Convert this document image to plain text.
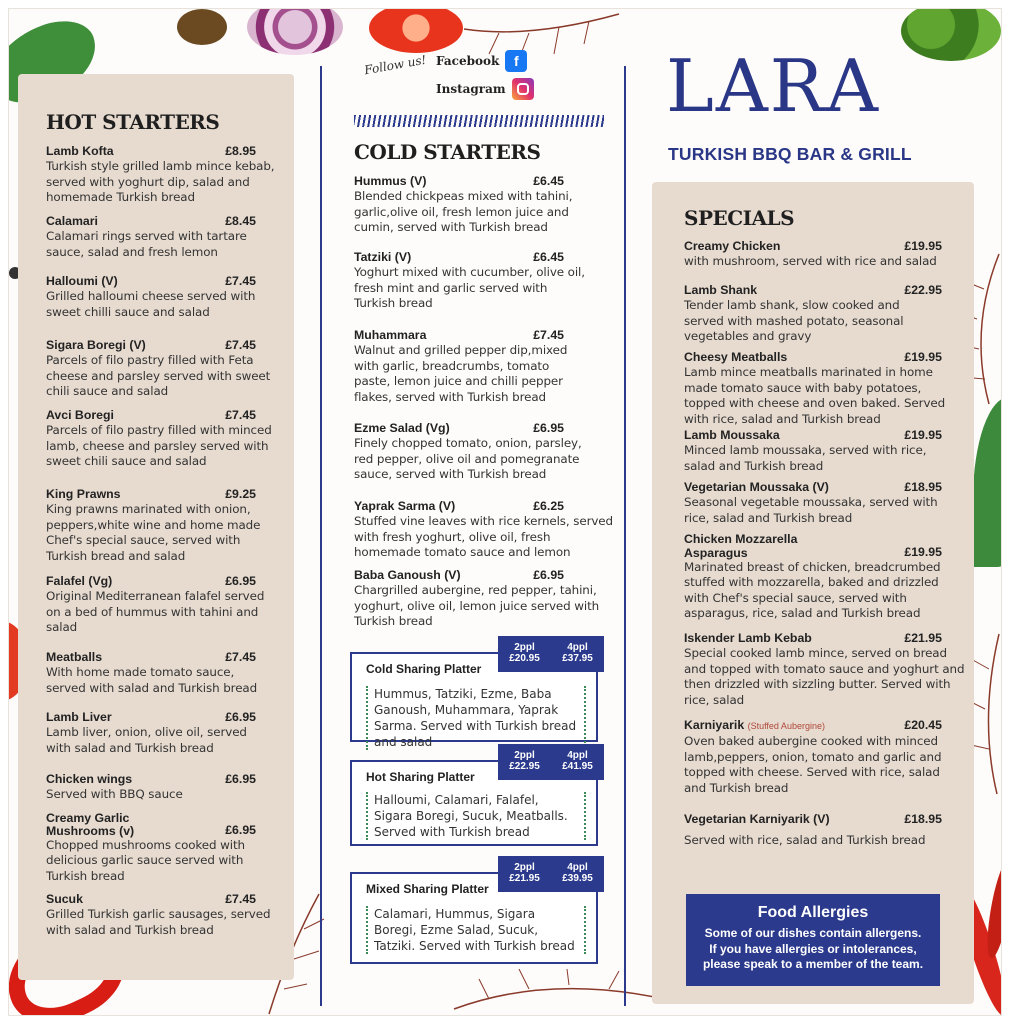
HOT STARTERS
Lamb Kofta	£8.95
Turkish style grilled lamb mince kebab, served with yoghurt dip, salad and homemade Turkish bread
Calamari	£8.45
Calamari rings served with tartare sauce, salad and fresh lemon
Halloumi (V)	£7.45
Grilled halloumi cheese served with sweet chilli sauce and salad
Sigara Boregi (V)	£7.45
Parcels of filo pastry filled with Feta cheese and parsley served with sweet chili sauce and salad
Avci Boregi	£7.45
Parcels of filo pastry filled with minced lamb, cheese and parsley served with sweet chili sauce and salad
King Prawns	£9.25
King prawns marinated with onion, peppers,white wine and home made Chef's special sauce, served with Turkish bread and salad
Falafel (Vg)	£6.95
Original Mediterranean falafel served on a bed of hummus with tahini and salad
Meatballs	£7.45
With home made tomato sauce, served with salad and Turkish bread
Lamb Liver	£6.95
Lamb liver, onion, olive oil, served with salad and Turkish bread
Chicken wings	£6.95
Served with BBQ sauce
Creamy Garlic Mushrooms (v)	£6.95
Chopped mushrooms cooked with delicious garlic sauce served with Turkish bread
Sucuk	£7.45
Grilled Turkish garlic sausages, served with salad and Turkish bread
Follow us! Facebook	f
Instagram
COLD STARTERS
Hummus (V)	£6.45
Blended chickpeas mixed with tahini, garlic,olive oil, fresh lemon juice and cumin, served with Turkish bread
Tatziki (V)	£6.45
Yoghurt mixed with cucumber, olive oil, fresh mint and garlic served with Turkish bread
Muhammara	£7.45
Walnut and grilled pepper dip,mixed with garlic, breadcrumbs, tomato paste, lemon juice and chilli pepper flakes, served with Turkish bread
Ezme Salad (Vg)	£6.95
Finely chopped tomato, onion, parsley, red pepper, olive oil and pomegranate sauce, served with Turkish bread
Yaprak Sarma (V)	£6.25
Stuffed vine leaves with rice kernels, served with fresh yoghurt, olive oil, fresh homemade tomato sauce and lemon
Baba Ganoush (V)	£6.95
Chargrilled aubergine, red pepper, tahini, yoghurt, olive oil, lemon juice served with Turkish bread
Cold Sharing Platter
2ppl
£20.95
4ppl
£37.95
Hummus, Tatziki, Ezme, Baba Ganoush, Muhammara, Yaprak Sarma. Served with Turkish bread and salad
Hot Sharing Platter
2ppl
£22.95
4ppl
£41.95
Halloumi, Calamari, Falafel, Sigara Boregi, Sucuk, Meatballs. Served with Turkish bread
Mixed Sharing Platter
2ppl
£21.95
4ppl
£39.95
Calamari, Hummus, Sigara Boregi, Ezme Salad, Sucuk, Tatziki. Served with Turkish bread
LARA
TURKISH BBQ BAR & GRILL
SPECIALS
Creamy Chicken	£19.95
with mushroom, served with rice and salad
Lamb Shank	£22.95
Tender lamb shank, slow cooked and served with mashed potato, seasonal vegetables and gravy
Cheesy Meatballs	£19.95
Lamb mince meatballs marinated in home made tomato sauce with baby potatoes, topped with cheese and oven baked. Served with rice, salad and Turkish bread
Lamb Moussaka	£19.95
Minced lamb moussaka, served with rice, salad and Turkish bread
Vegetarian Moussaka (V)	£18.95
Seasonal vegetable moussaka, served with rice, salad and Turkish bread
Chicken Mozzarella Asparagus	£19.95
Marinated breast of chicken, breadcrumbed stuffed with mozzarella, baked and drizzled with Chef's special sauce, served with asparagus, rice, salad and Turkish bread
Iskender Lamb Kebab	£21.95
Special cooked lamb mince, served on bread and topped with tomato sauce and yoghurt and then drizzled with sizzling butter. Served with rice, salad
Karniyarik (Stuffed Aubergine)	£20.45
Oven baked aubergine cooked with minced lamb,peppers, onion, tomato and garlic and topped with cheese. Served with rice, salad and Turkish bread
Vegetarian Karniyarik (V)	£18.95
Served with rice, salad and Turkish bread
Food Allergies
Some of our dishes contain allergens.
If you have allergies or intolerances,
please speak to a member of the team.
